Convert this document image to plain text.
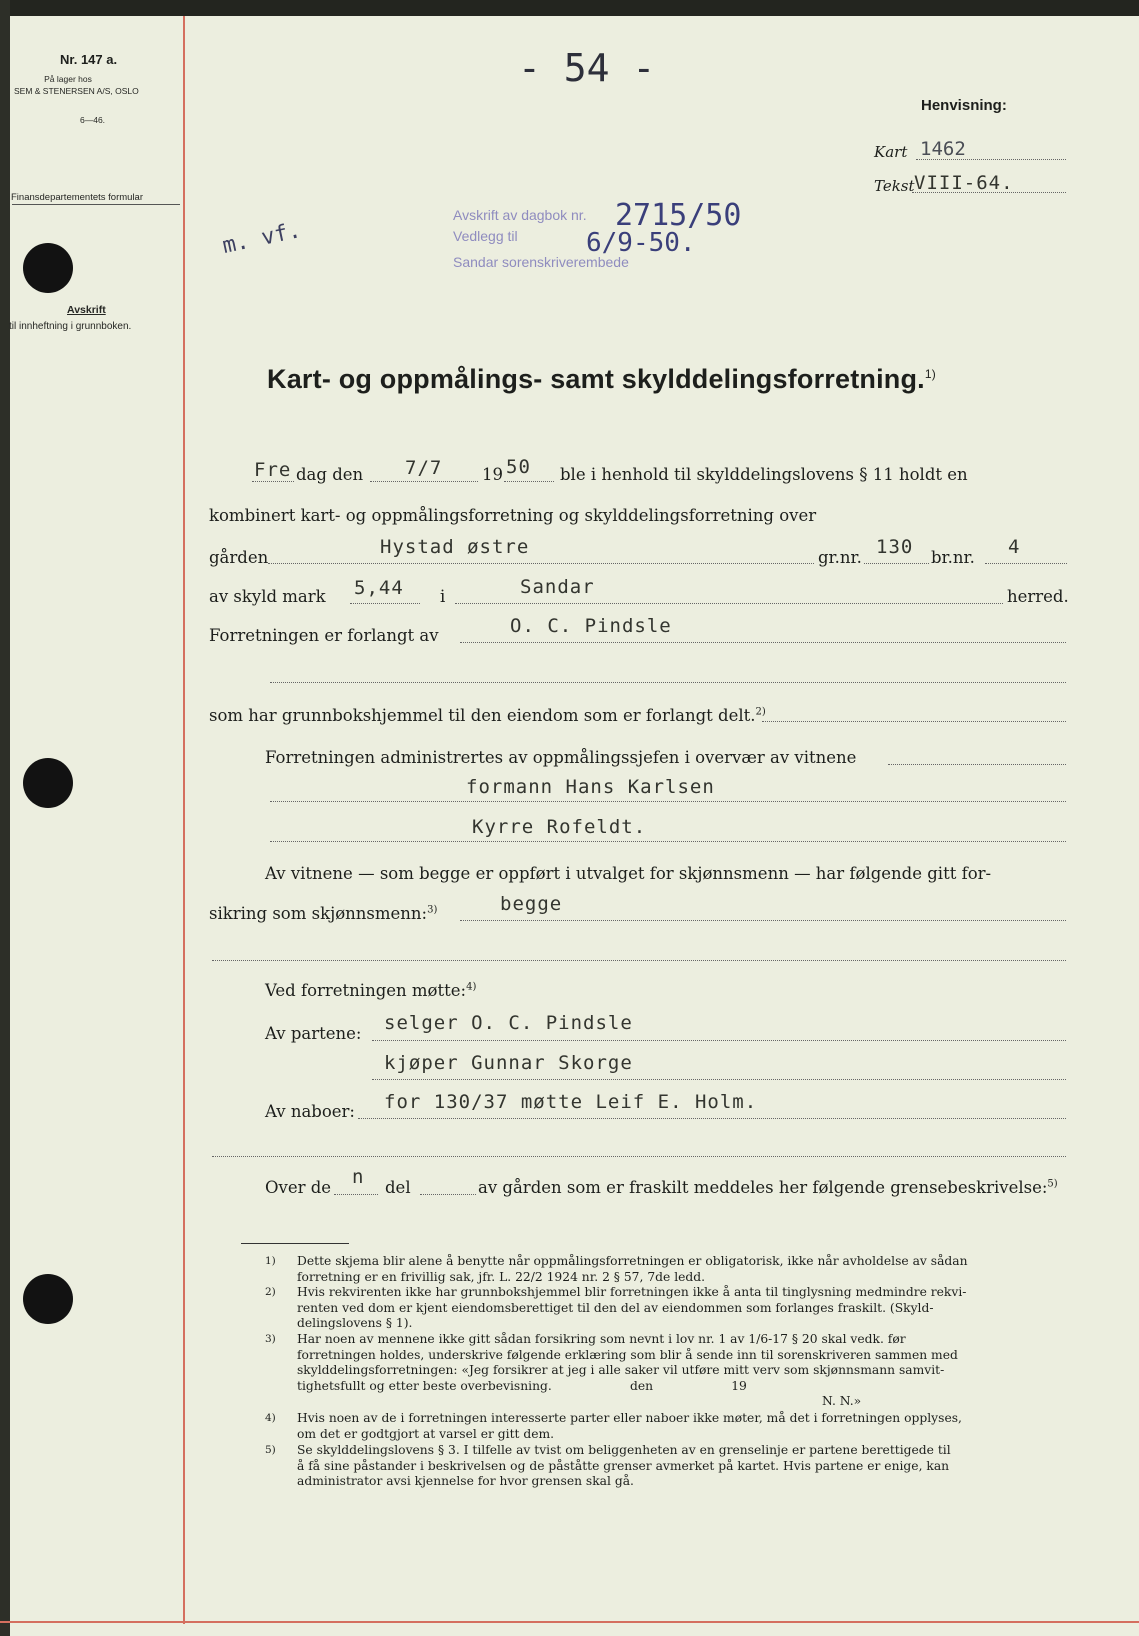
Nr. 147 a.
På lager hos
SEM & STENERSEN A/S, OSLO
6—46.
Finansdepartementets formular
Avskrift
til innheftning i grunnboken.
- 54 -
Henvisning:
Kart 1462
Tekst VIII-64.
m. vf.
Avskrift av dagbok nr.
Vedlegg til
Sandar sorenskriverembede
2715/50
6/9-50.
Kart- og oppmålings- samt skylddelingsforretning.$^{1)}$
Fre dag den 7/7 19 50 ble i henhold til skylddelingslovens § 11 holdt en
kombinert kart- og oppmålingsforretning og skylddelingsforretning over
gården	Hystad østre	gr.nr. 130 br.nr. 4
av skyld mark 5,44 i	Sandar	herred.
Forretningen er forlangt av	O. C. Pindsle
som har grunnbokshjemmel til den eiendom som er forlangt delt.$^{2)}$
Forretningen administrertes av oppmålingssjefen i overvær av vitnene
formann Hans Karlsen
Kyrre Rofeldt.
Av vitnene — som begge er oppført i utvalget for skjønnsmenn — har følgende gitt for-
sikring som skjønnsmenn:$^{3)}$	begge
Ved forretningen møtte:$^{4)}$
Av partene: selger O. C. Pindsle
kjøper Gunnar Skorge
Av naboer: for 130/37 møtte Leif E. Holm.
Over de n del	av gården som er fraskilt meddeles her følgende grensebeskrivelse:$^{5)}$
1) Dette skjema blir alene å benytte når oppmålingsforretningen er obligatorisk, ikke når avholdelse av sådan
forretning er en frivillig sak, jfr. L. 22/2 1924 nr. 2 § 57, 7de ledd.
2) Hvis rekvirenten ikke har grunnbokshjemmel blir forretningen ikke å anta til tinglysning medmindre rekvi-
renten ved dom er kjent eiendomsberettiget til den del av eiendommen som forlanges fraskilt. (Skyld-
delingslovens § 1).
3) Har noen av mennene ikke gitt sådan forsikring som nevnt i lov nr. 1 av 1/6-17 § 20 skal vedk. før
forretningen holdes, underskrive følgende erklæring som blir å sende inn til sorenskriveren sammen med
skylddelingsforretningen: «Jeg forsikrer at jeg i alle saker vil utføre mitt verv som skjønnsmann samvit-
tighetsfullt og etter beste overbevisning.                    den                    19
N. N.»
4) Hvis noen av de i forretningen interesserte parter eller naboer ikke møter, må det i forretningen opplyses,
om det er godtgjort at varsel er gitt dem.
5) Se skylddelingslovens § 3. I tilfelle av tvist om beliggenheten av en grenselinje er partene berettigede til
å få sine påstander i beskrivelsen og de påståtte grenser avmerket på kartet. Hvis partene er enige, kan
administrator avsi kjennelse for hvor grensen skal gå.
